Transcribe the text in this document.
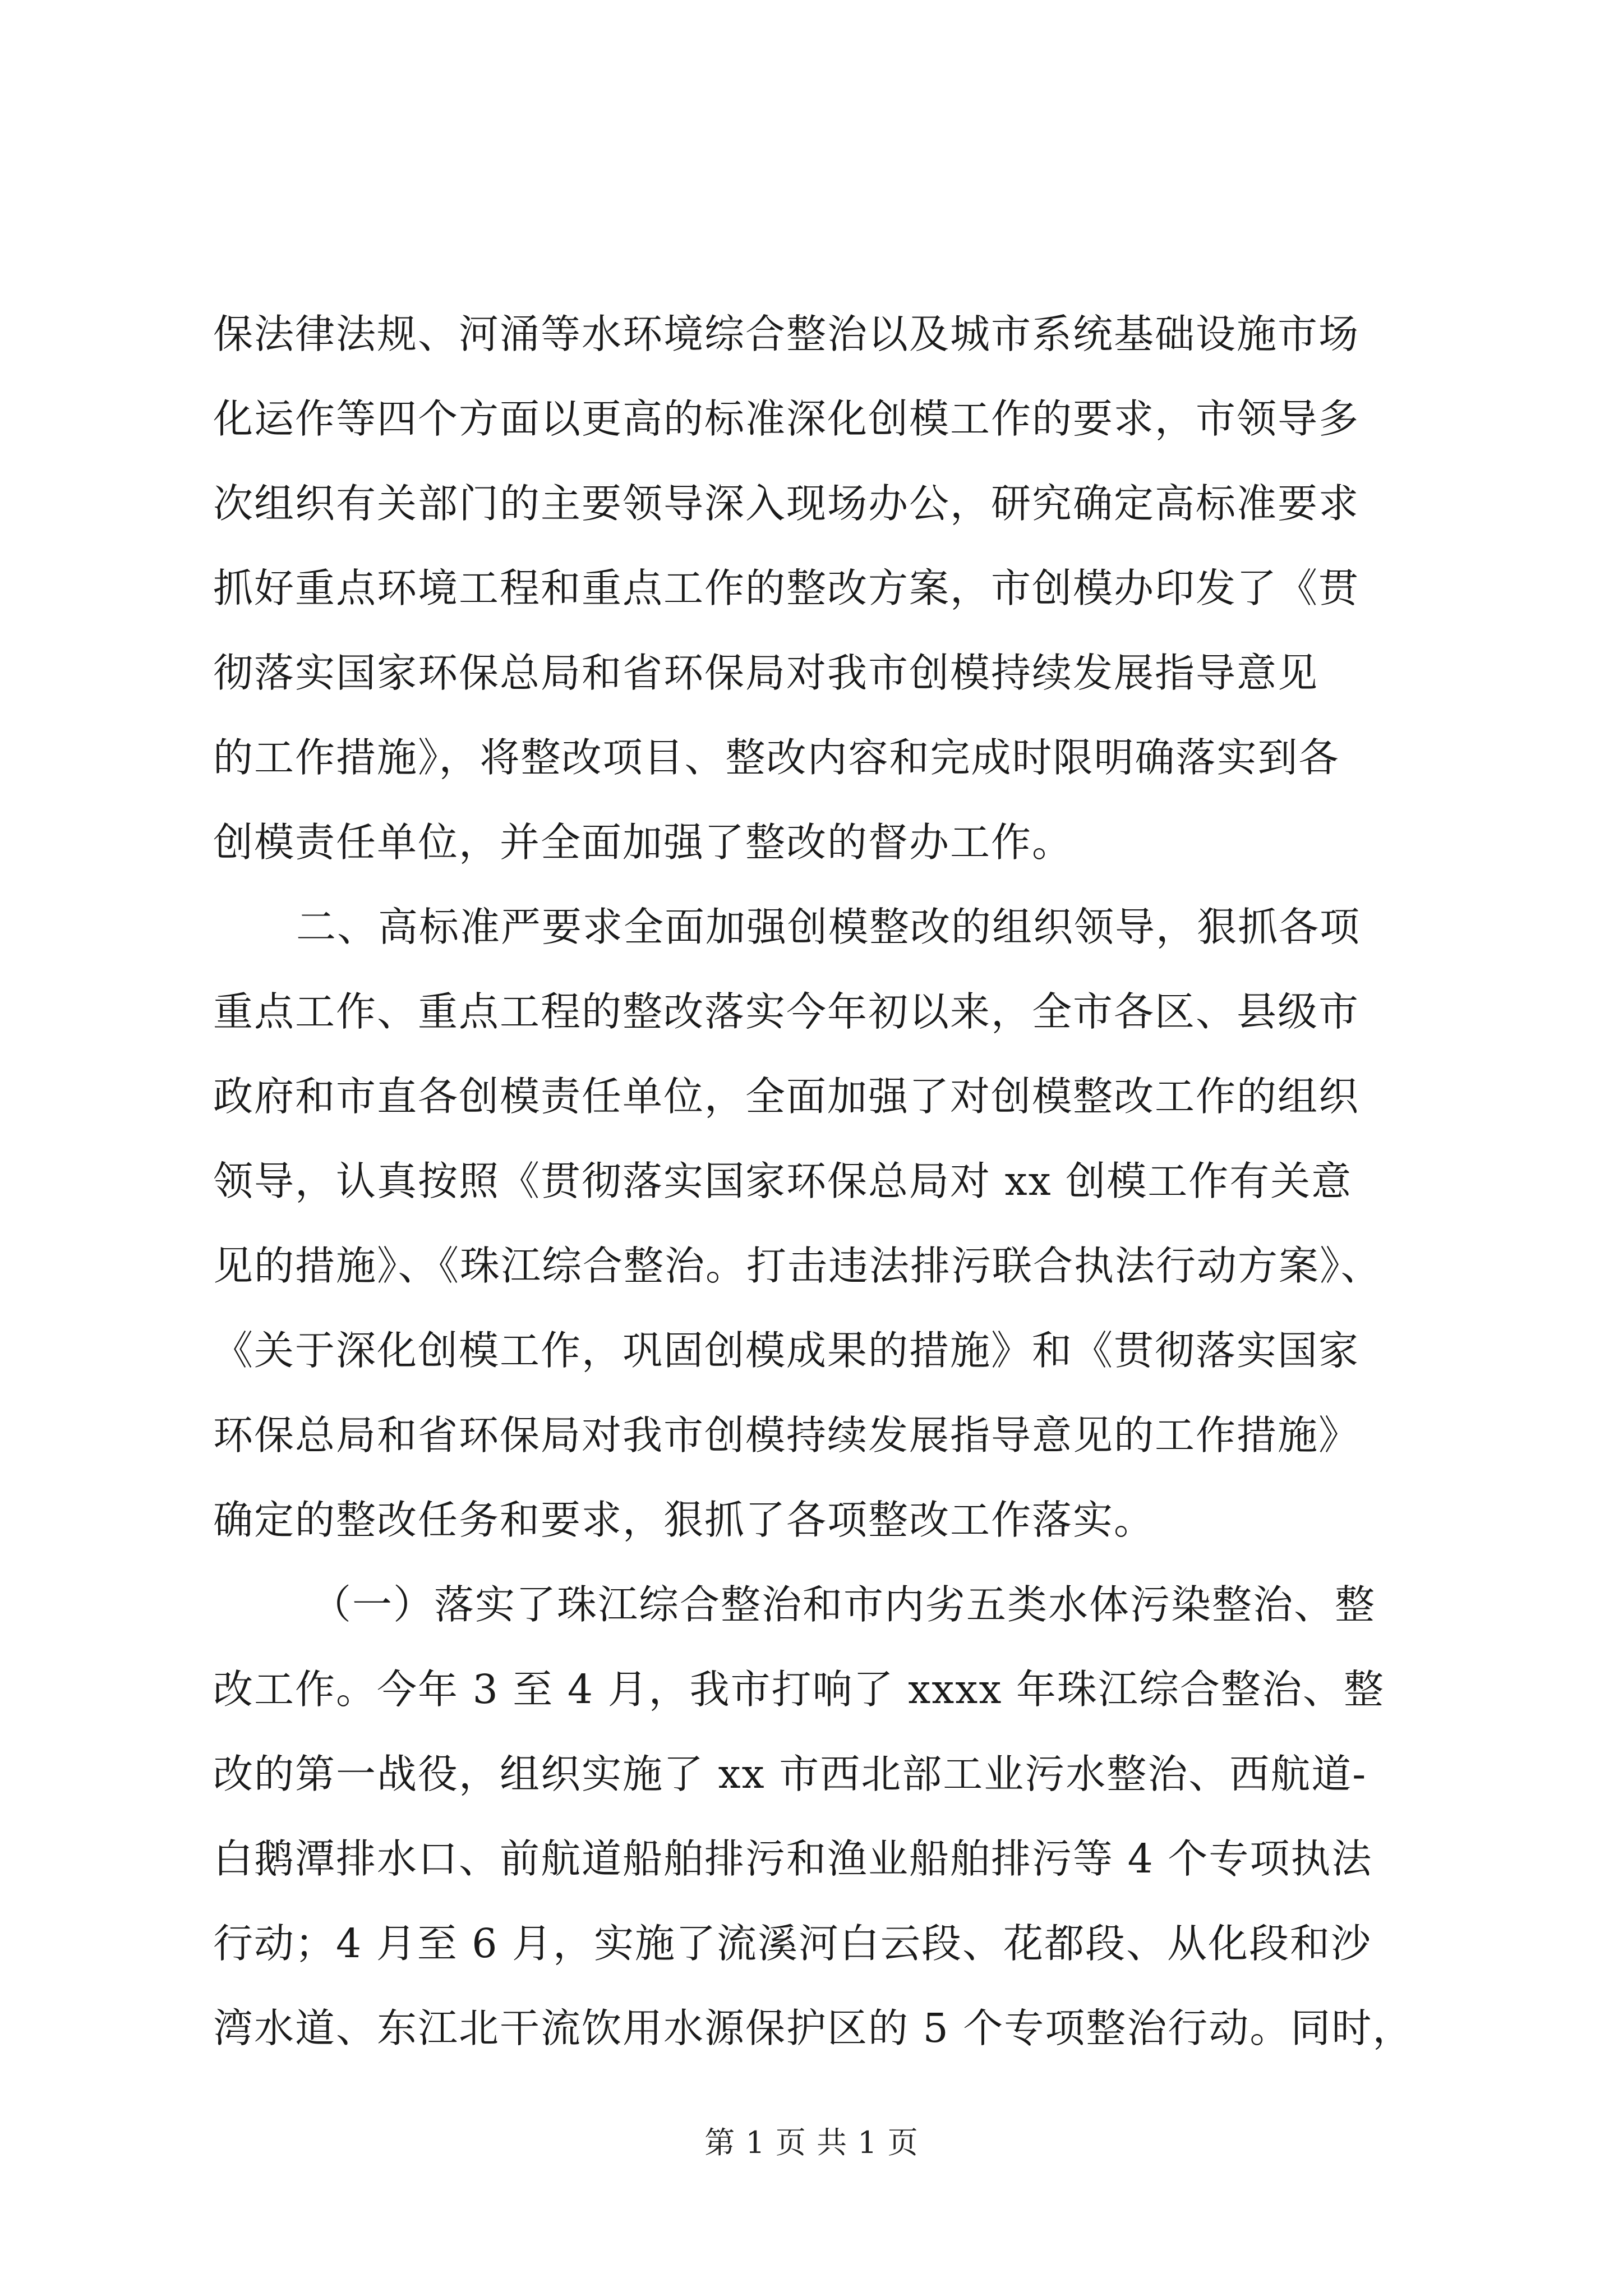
保法律法规、河涌等水环境综合整治以及城市系统基础设施市场
化运作等四个方面以更高的标准深化创模工作的要求，市领导多
次组织有关部门的主要领导深入现场办公，研究确定高标准要求
抓好重点环境工程和重点工作的整改方案，市创模办印发了《贯
彻落实国家环保总局和省环保局对我市创模持续发展指导意见
的工作措施》，将整改项目、整改内容和完成时限明确落实到各
创模责任单位，并全面加强了整改的督办工作。
二、高标准严要求全面加强创模整改的组织领导，狠抓各项
重点工作、重点工程的整改落实今年初以来，全市各区、县级市
政府和市直各创模责任单位，全面加强了对创模整改工作的组织
领导，认真按照《贯彻落实国家环保总局对 xx 创模工作有关意
见的措施》、《珠江综合整治。打击违法排污联合执法行动方案》、
《关于深化创模工作，巩固创模成果的措施》和《贯彻落实国家
环保总局和省环保局对我市创模持续发展指导意见的工作措施》
确定的整改任务和要求，狠抓了各项整改工作落实。
（一）落实了珠江综合整治和市内劣五类水体污染整治、整
改工作。今年 3 至 4 月，我市打响了 xxxx 年珠江综合整治、整
改的第一战役，组织实施了 xx 市西北部工业污水整治、西航道-
白鹅潭排水口、前航道船舶排污和渔业船舶排污等 4 个专项执法
行动；4 月至 6 月，实施了流溪河白云段、花都段、从化段和沙
湾水道、东江北干流饮用水源保护区的 5 个专项整治行动。同时，
第 1 页 共 1 页
